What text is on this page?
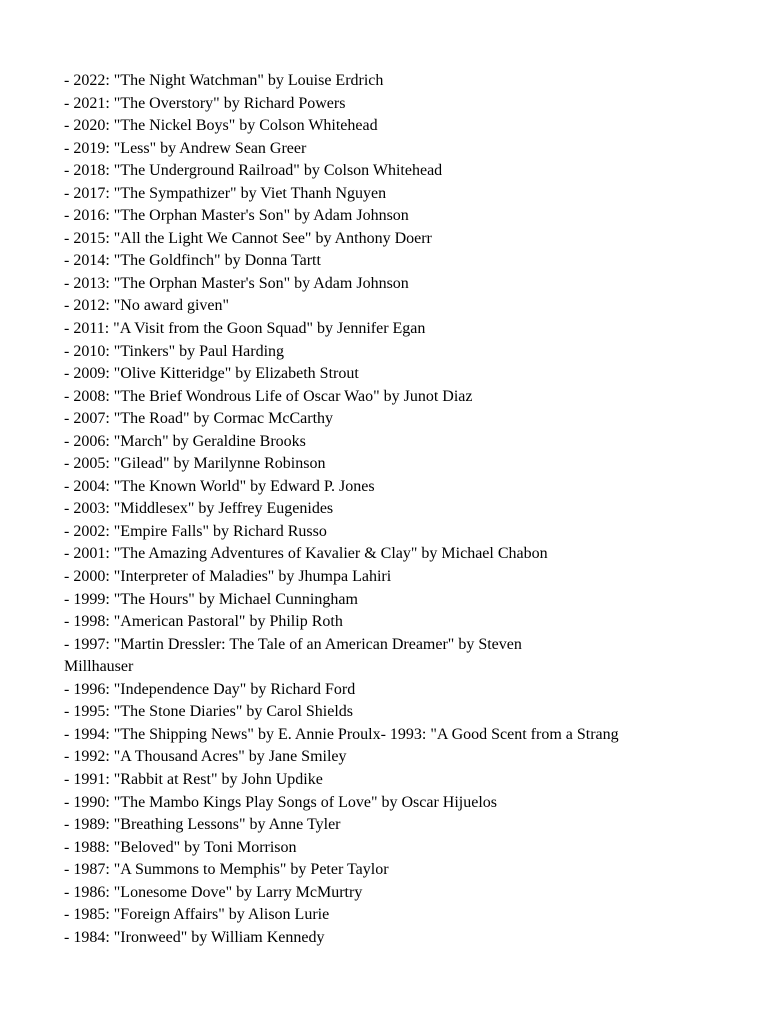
- 2022: "The Night Watchman" by Louise Erdrich
- 2021: "The Overstory" by Richard Powers
- 2020: "The Nickel Boys" by Colson Whitehead
- 2019: "Less" by Andrew Sean Greer
- 2018: "The Underground Railroad" by Colson Whitehead
- 2017: "The Sympathizer" by Viet Thanh Nguyen
- 2016: "The Orphan Master's Son" by Adam Johnson
- 2015: "All the Light We Cannot See" by Anthony Doerr
- 2014: "The Goldfinch" by Donna Tartt
- 2013: "The Orphan Master's Son" by Adam Johnson
- 2012: "No award given"
- 2011: "A Visit from the Goon Squad" by Jennifer Egan
- 2010: "Tinkers" by Paul Harding
- 2009: "Olive Kitteridge" by Elizabeth Strout
- 2008: "The Brief Wondrous Life of Oscar Wao" by Junot Diaz
- 2007: "The Road" by Cormac McCarthy
- 2006: "March" by Geraldine Brooks
- 2005: "Gilead" by Marilynne Robinson
- 2004: "The Known World" by Edward P. Jones
- 2003: "Middlesex" by Jeffrey Eugenides
- 2002: "Empire Falls" by Richard Russo
- 2001: "The Amazing Adventures of Kavalier & Clay" by Michael Chabon
- 2000: "Interpreter of Maladies" by Jhumpa Lahiri
- 1999: "The Hours" by Michael Cunningham
- 1998: "American Pastoral" by Philip Roth
- 1997: "Martin Dressler: The Tale of an American Dreamer" by Steven
Millhauser
- 1996: "Independence Day" by Richard Ford
- 1995: "The Stone Diaries" by Carol Shields
- 1994: "The Shipping News" by E. Annie Proulx- 1993: "A Good Scent from a Strang
- 1992: "A Thousand Acres" by Jane Smiley
- 1991: "Rabbit at Rest" by John Updike
- 1990: "The Mambo Kings Play Songs of Love" by Oscar Hijuelos
- 1989: "Breathing Lessons" by Anne Tyler
- 1988: "Beloved" by Toni Morrison
- 1987: "A Summons to Memphis" by Peter Taylor
- 1986: "Lonesome Dove" by Larry McMurtry
- 1985: "Foreign Affairs" by Alison Lurie
- 1984: "Ironweed" by William Kennedy
